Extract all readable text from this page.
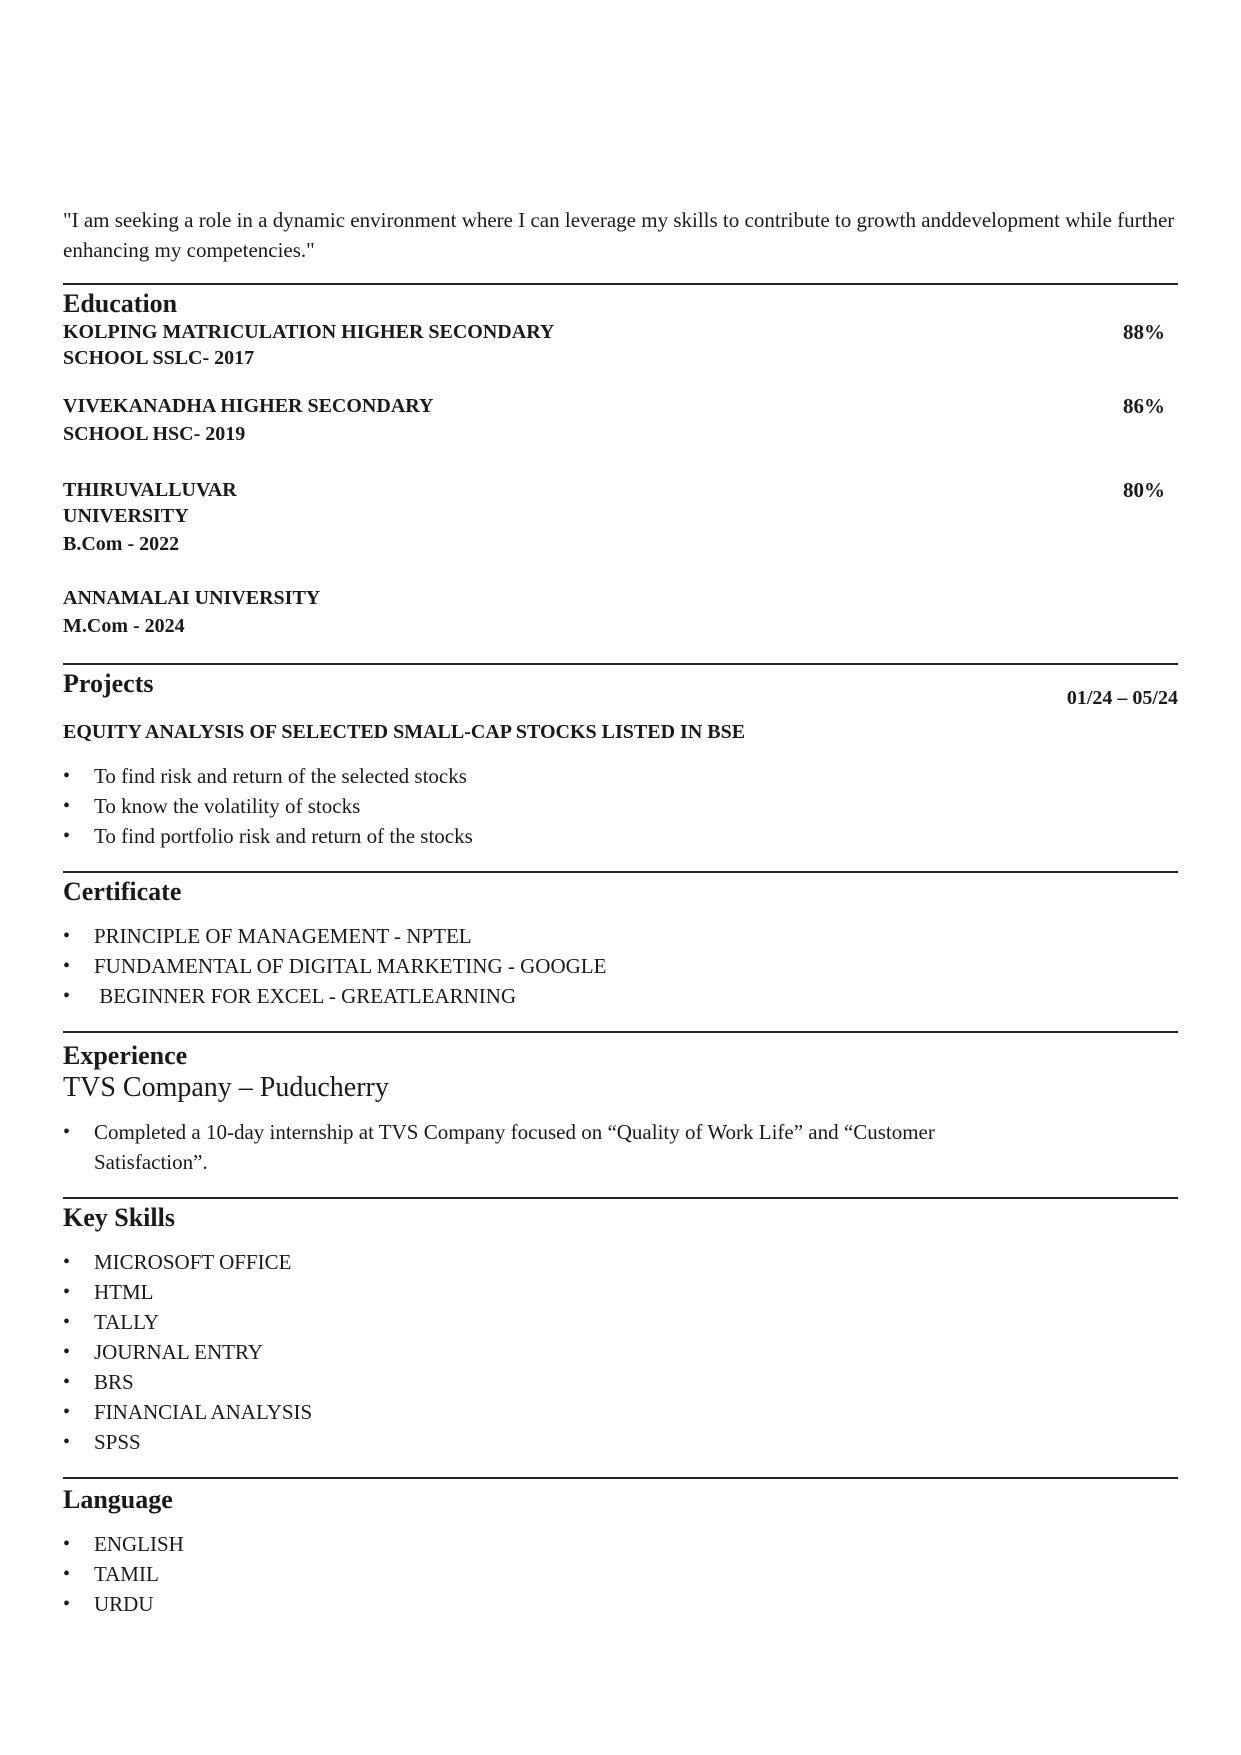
"I am seeking a role in a dynamic environment where I can leverage my skills to contribute to growth anddevelopment while further enhancing my competencies."

Education
KOLPING MATRICULATION HIGHER SECONDARY
SCHOOL SSLC- 2017
88%
VIVEKANADHA HIGHER SECONDARY
SCHOOL HSC- 2019
86%
THIRUVALLUVAR
UNIVERSITY
B.Com - 2022
80%
ANNAMALAI UNIVERSITY
M.Com - 2024
Projects	01/24 – 05/24
EQUITY ANALYSIS OF SELECTED SMALL-CAP STOCKS LISTED IN BSE
• To find risk and return of the selected stocks
• To know the volatility of stocks
• To find portfolio risk and return of the stocks
Certificate
• PRINCIPLE OF MANAGEMENT - NPTEL
• FUNDAMENTAL OF DIGITAL MARKETING - GOOGLE
•  BEGINNER FOR EXCEL - GREATLEARNING
Experience
TVS Company – Puducherry
• Completed a 10-day internship at TVS Company focused on “Quality of Work Life” and “Customer Satisfaction”.
Key Skills
• MICROSOFT OFFICE
• HTML
• TALLY
• JOURNAL ENTRY
• BRS
• FINANCIAL ANALYSIS
• SPSS
Language
• ENGLISH
• TAMIL
• URDU
